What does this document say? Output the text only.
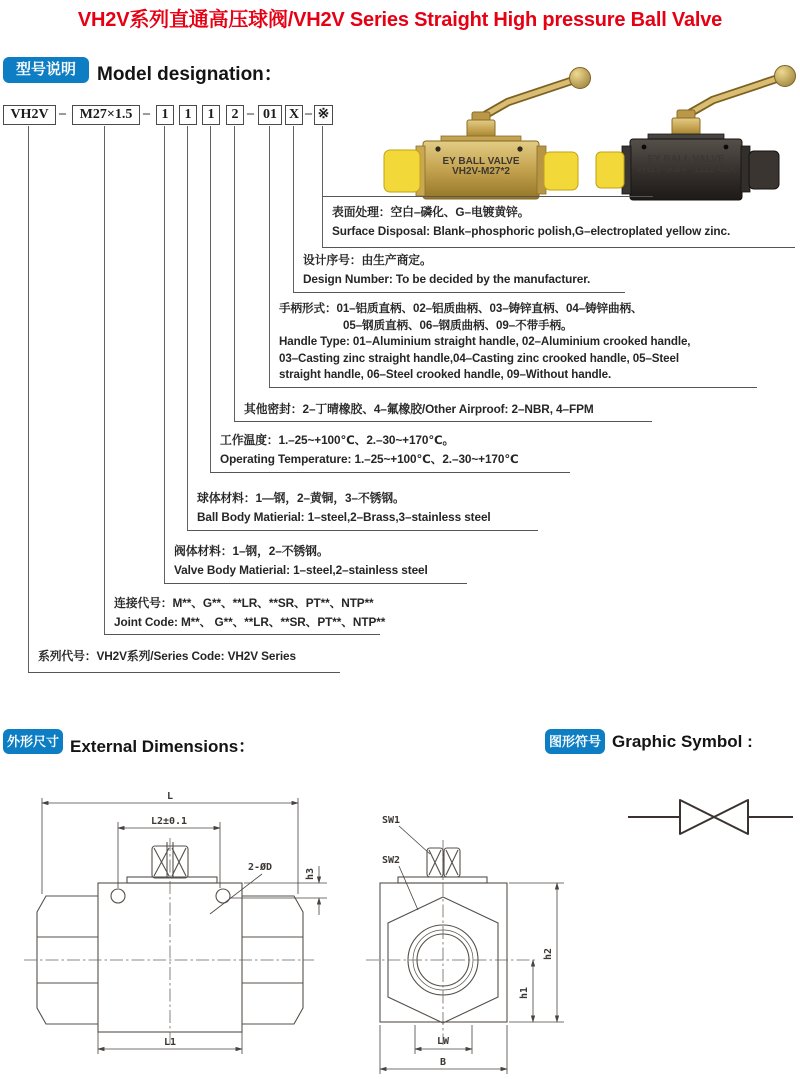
VH2V系列直通高压球阀/VH2V Series Straight High pressure Ball Valve
型号说明	Model designation：
EY BALL VALVE
VH2V-M27*2
EY BALL VALVE
VH2V-G3/4" 1112-02X
VH2V – M27×1.5 – 1	1	1	2 – 01 X – ※
表面处理：空白–磷化、G–电镀黄锌。
Surface Disposal: Blank–phosphoric polish,G–electroplated yellow zinc.
设计序号：由生产商定。
Design Number: To be decided by the manufacturer.
手柄形式：01–铝质直柄、02–铝质曲柄、03–铸锌直柄、04–铸锌曲柄、
05–钢质直柄、06–钢质曲柄、09–不带手柄。
Handle Type: 01–Aluminium straight handle, 02–Aluminium crooked handle,
03–Casting zinc straight handle,04–Casting zinc crooked handle, 05–Steel
straight handle, 06–Steel crooked handle, 09–Without handle.
其他密封：2–丁晴橡胶、4–氟橡胶/Other Airproof: 2–NBR, 4–FPM
工作温度：1.–25~+100℃、2.–30~+170℃。
Operating Temperature: 1.–25~+100℃、2.–30~+170℃
球体材料：1—钢，2–黄铜，3–不锈钢。
Ball Body Matierial: 1–steel,2–Brass,3–stainless steel
阀体材料：1–钢，2–不锈钢。
Valve Body Matierial: 1–steel,2–stainless steel
连接代号：M**、G**、**LR、**SR、PT**、NTP**
Joint Code: M**、 G**、**LR、**SR、PT**、NTP**
系列代号：VH2V系列/Series Code: VH2V Series
外形尺寸 External Dimensions：	图形符号 Graphic Symbol :
L
L2±0.1
2-ØD
h3
L1
SW1
SW2
h2
h1
LW
B
